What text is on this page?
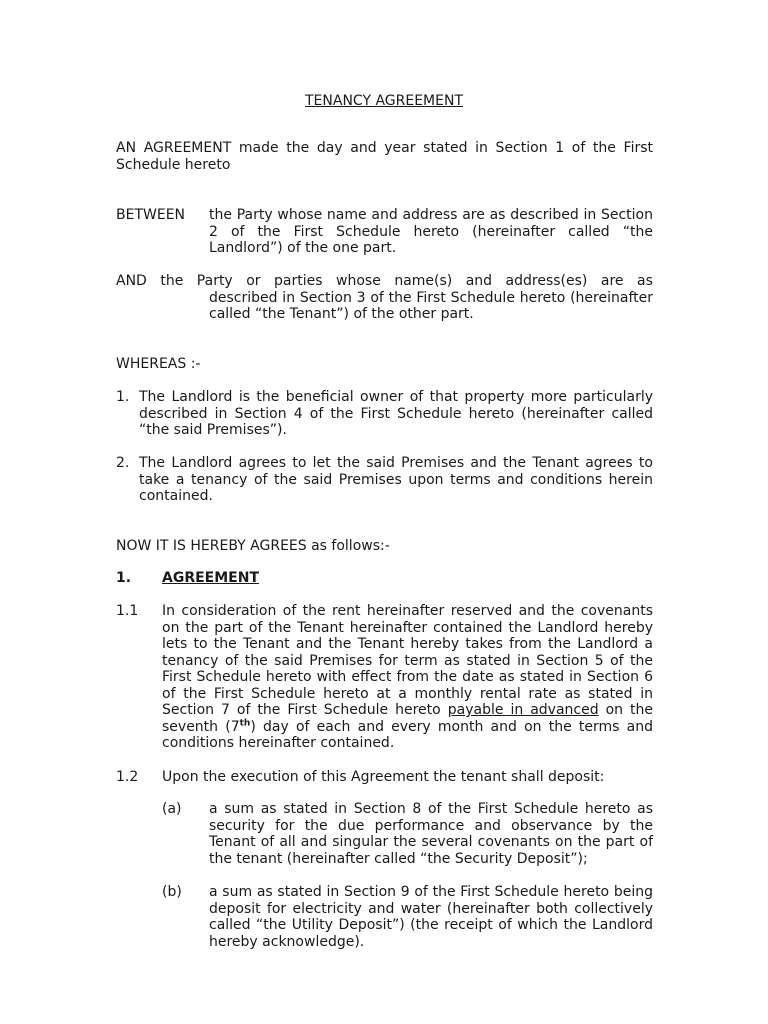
TENANCY AGREEMENT
AN AGREEMENT made the day and year stated in Section 1 of the First Schedule hereto
BETWEEN the Party whose name and address are as described in Section 2 of the First Schedule hereto (hereinafter called “the Landlord”) of the one part.
AND the Party or parties whose name(s) and address(es) are as
described in Section 3 of the First Schedule hereto (hereinafter called “the Tenant”) of the other part.
WHEREAS :-
1. The Landlord is the beneficial owner of that property more particularly described in Section 4 of the First Schedule hereto (hereinafter called “the said Premises”).
2. The Landlord agrees to let the said Premises and the Tenant agrees to take a tenancy of the said Premises upon terms and conditions herein contained.
NOW IT IS HEREBY AGREES as follows:-
1. AGREEMENT
1.1 In consideration of the rent hereinafter reserved and the covenants on the part of the Tenant hereinafter contained the Landlord hereby lets to the Tenant and the Tenant hereby takes from the Landlord a tenancy of the said Premises for term as stated in Section 5 of the First Schedule hereto with effect from the date as stated in Section 6 of the First Schedule hereto at a monthly rental rate as stated in Section 7 of the First Schedule hereto payable in advanced on the seventh (7th) day of each and every month and on the terms and conditions hereinafter contained.
1.2 Upon the execution of this Agreement the tenant shall deposit:
(a) a sum as stated in Section 8 of the First Schedule hereto as security for the due performance and observance by the Tenant of all and singular the several covenants on the part of the tenant (hereinafter called “the Security Deposit”);
(b) a sum as stated in Section 9 of the First Schedule hereto being deposit for electricity and water (hereinafter both collectively called “the Utility Deposit”) (the receipt of which the Landlord hereby acknowledge).
